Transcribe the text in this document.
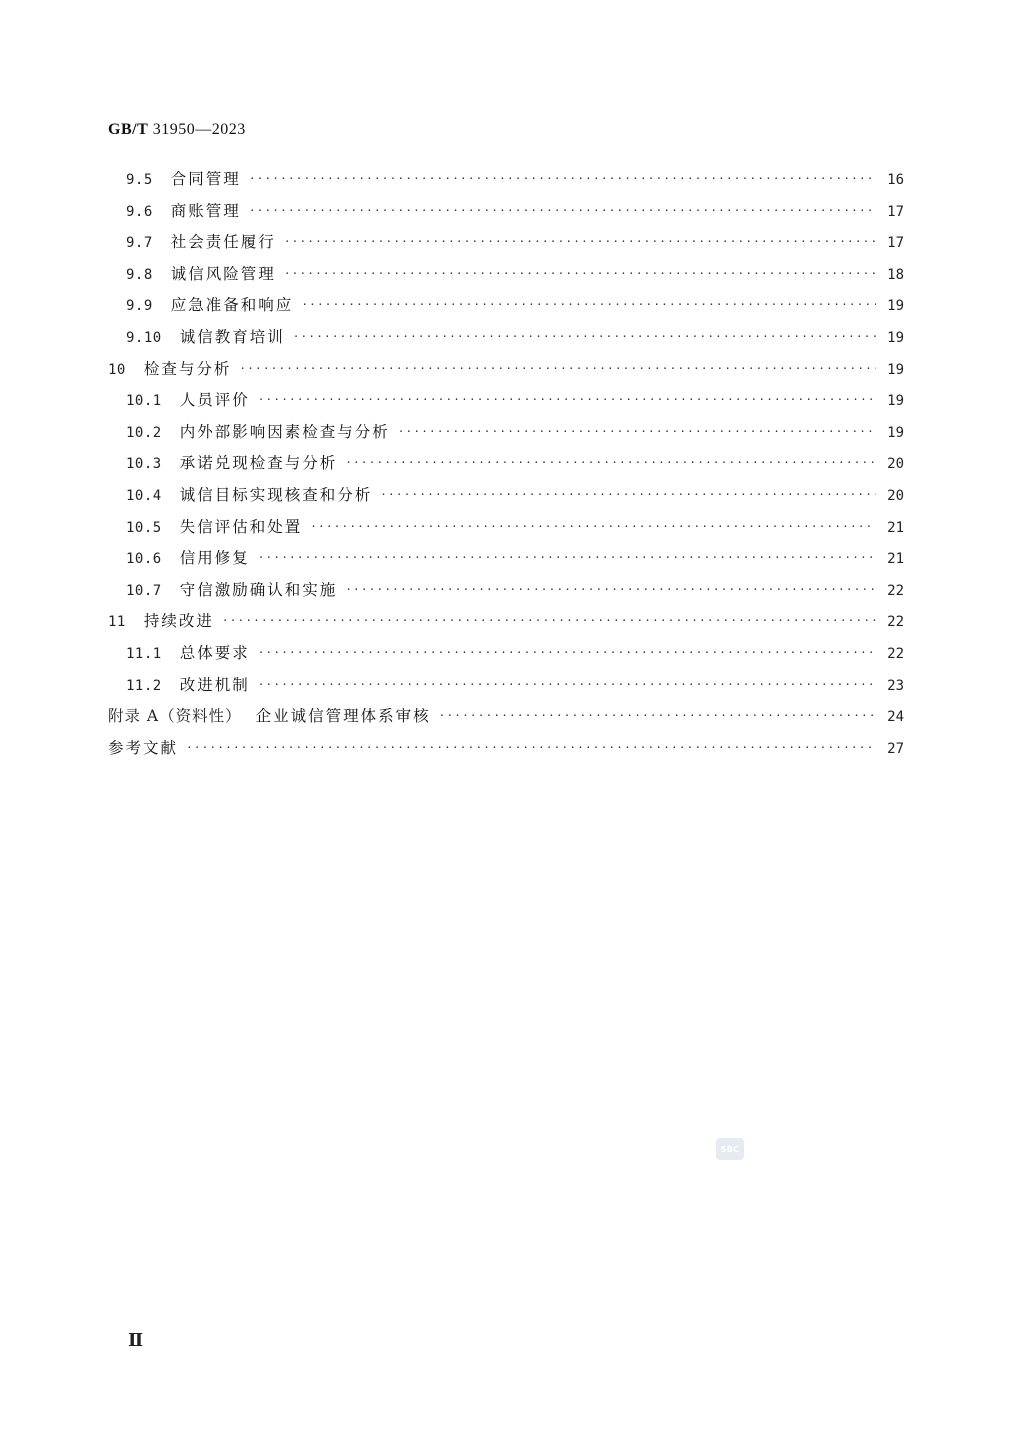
GB/T 31950—2023
9.5 合同管理 ·····	16
9.6 商账管理 ·····	17
9.7 社会责任履行 ·····	17
9.8 诚信风险管理 ·····	18
9.9 应急准备和响应 ·····	19
9.10 诚信教育培训 ·····	19
10 检查与分析 ·····	19
10.1 人员评价 ·····	19
10.2 内外部影响因素检查与分析 ·····	19
10.3 承诺兑现检查与分析 ·····	20
10.4 诚信目标实现核查和分析 ·····	20
10.5 失信评估和处置 ·····	21
10.6 信用修复 ·····	21
10.7 守信激励确认和实施 ·····	22
11 持续改进 ·····	22
11.1 总体要求 ·····	22
11.2 改进机制 ·····	23
附录 A（资料性） 企业诚信管理体系审核 ·····	24
参考文献 ·····	27
SBC
Ⅱ
